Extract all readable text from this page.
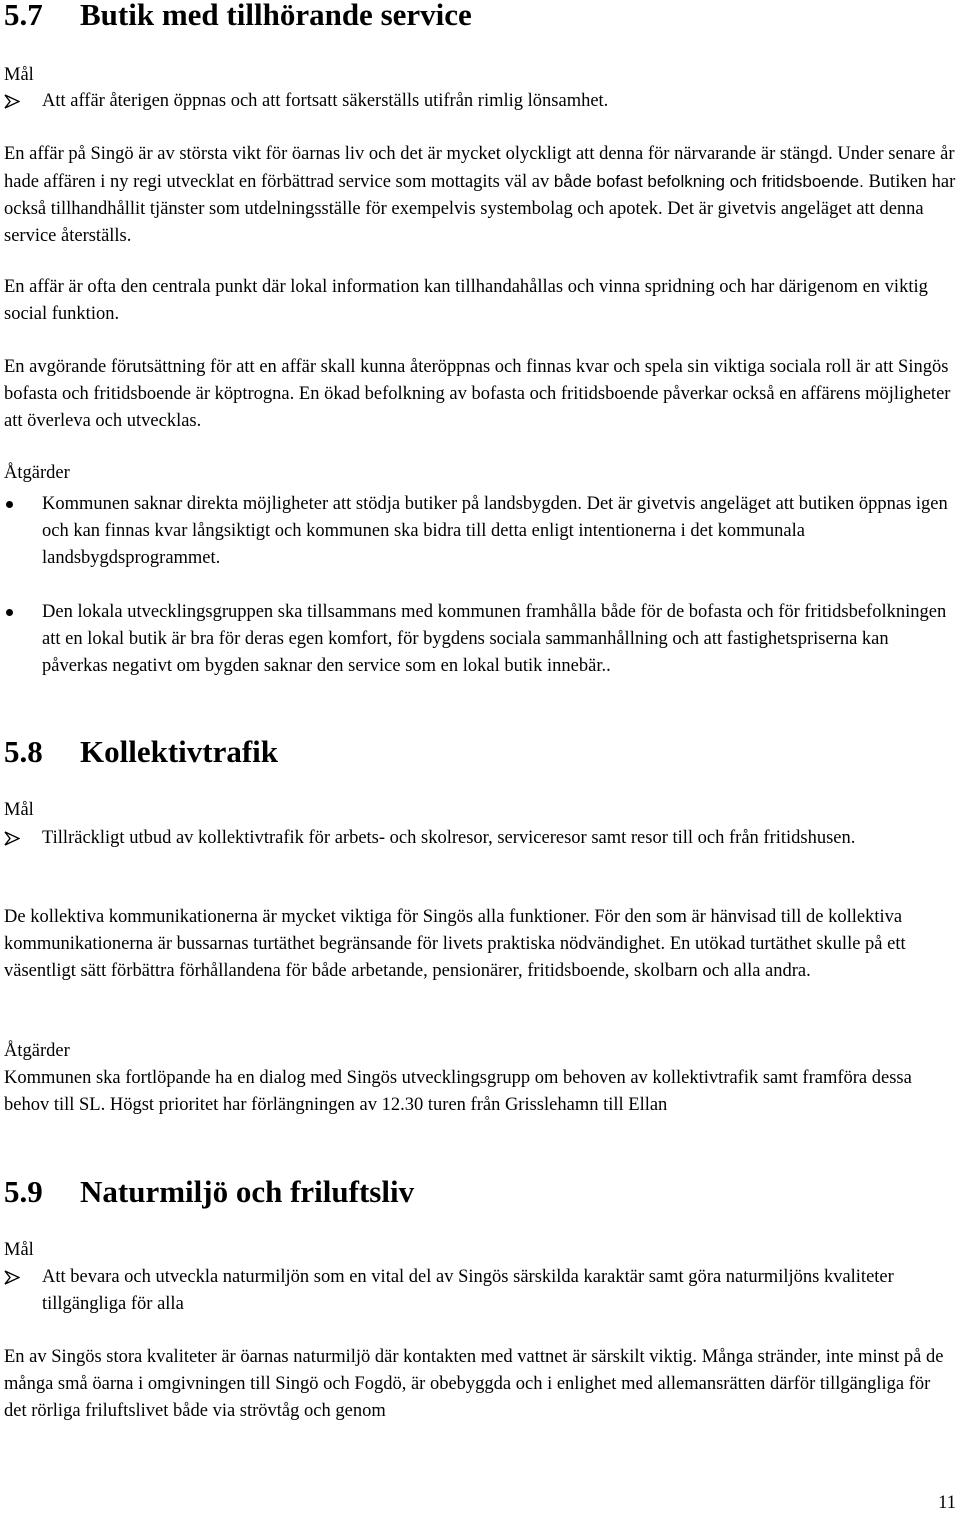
5.7 Butik med tillhörande service
Mål
Att affär återigen öppnas och att fortsatt säkerställs utifrån rimlig lönsamhet.

En affär på Singö är av största vikt för öarnas liv och det är mycket olyckligt att denna för närvarande är stängd. Under senare år hade affären i ny regi utvecklat en förbättrad service som mottagits väl av både bofast befolkning och fritidsboende. Butiken har också tillhandhållit tjänster som utdelningsställe för exempelvis systembolag och apotek. Det är givetvis angeläget att denna service återställs.

En affär är ofta den centrala punkt där lokal information kan tillhandahållas och vinna spridning och har därigenom en viktig social funktion.

En avgörande förutsättning för att en affär skall kunna återöppnas och finnas kvar och spela sin viktiga sociala roll är att Singös bofasta och fritidsboende är köptrogna. En ökad befolkning av bofasta och fritidsboende påverkar också en affärens möjligheter att överleva och utvecklas.

Åtgärder
Kommunen saknar direkta möjligheter att stödja butiker på landsbygden. Det är givetvis angeläget att butiken öppnas igen och kan finnas kvar långsiktigt och kommunen ska bidra till detta enligt intentionerna i det kommunala landsbygdsprogrammet.
Den lokala utvecklingsgruppen ska tillsammans med kommunen framhålla både för de bofasta och för fritidsbefolkningen att en lokal butik är bra för deras egen komfort, för bygdens sociala sammanhållning och att fastighetspriserna kan påverkas negativt om bygden saknar den service som en lokal butik innebär..
5.8 Kollektivtrafik
Mål
Tillräckligt utbud av kollektivtrafik för arbets- och skolresor, serviceresor samt resor till och från fritidshusen.

De kollektiva kommunikationerna är mycket viktiga för Singös alla funktioner. För den som är hänvisad till de kollektiva kommunikationerna är bussarnas turtäthet begränsande för livets praktiska nödvändighet. En utökad turtäthet skulle på ett väsentligt sätt förbättra förhållandena för både arbetande, pensionärer, fritidsboende, skolbarn och alla andra.

Åtgärder

Kommunen ska fortlöpande ha en dialog med Singös utvecklingsgrupp om behoven av kollektivtrafik samt framföra dessa behov till SL. Högst prioritet har förlängningen av 12.30 turen från Grisslehamn till Ellan

5.9 Naturmiljö och friluftsliv
Mål
Att bevara och utveckla naturmiljön som en vital del av Singös särskilda karaktär samt göra naturmiljöns kvaliteter tillgängliga för alla

En av Singös stora kvaliteter är öarnas naturmiljö där kontakten med vattnet är särskilt viktig. Många stränder, inte minst på de många små öarna i omgivningen till Singö och Fogdö, är obebyggda och i enlighet med allemansrätten därför tillgängliga för det rörliga friluftslivet både via strövtåg och genom

11
